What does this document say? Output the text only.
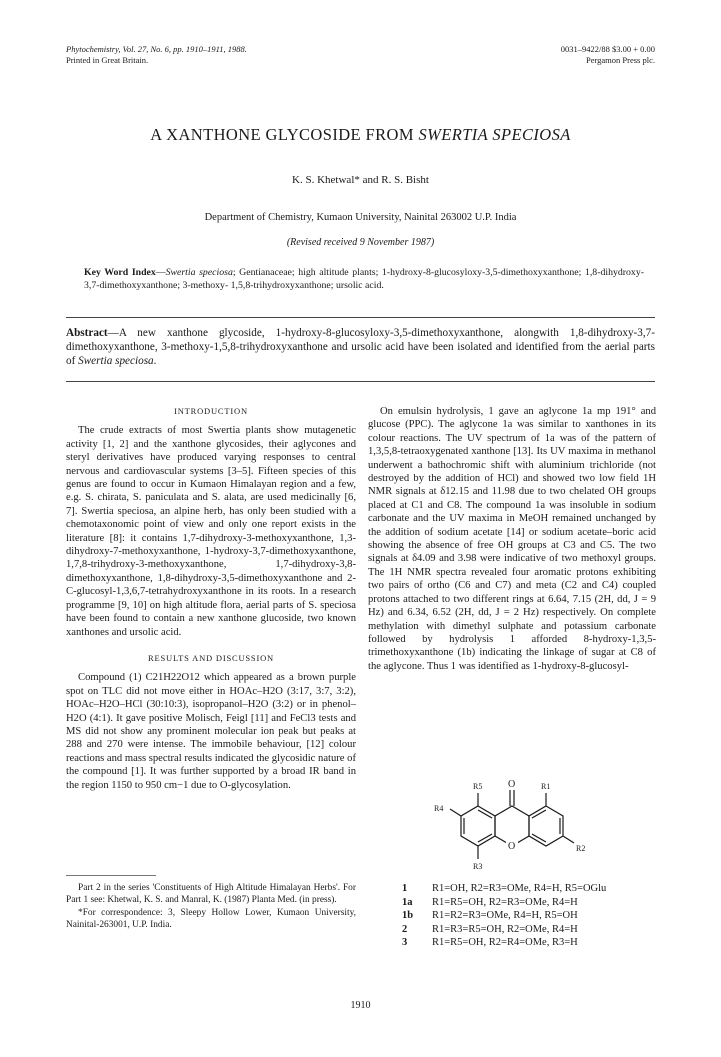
Phytochemistry, Vol. 27, No. 6, pp. 1910–1911, 1988.
Printed in Great Britain.
0031–9422/88 $3.00 + 0.00
Pergamon Press plc.
A XANTHONE GLYCOSIDE FROM SWERTIA SPECIOSA
K. S. Khetwal* and R. S. Bisht
Department of Chemistry, Kumaon University, Nainital 263002 U.P. India
(Revised received 9 November 1987)
Key Word Index—Swertia speciosa; Gentianaceae; high altitude plants; 1-hydroxy-8-glucosyloxy-3,5-dimethoxyxanthone; 1,8-dihydroxy-3,7-dimethoxyxanthone; 3-methoxy- 1,5,8-trihydroxyxanthone; ursolic acid.
Abstract—A new xanthone glycoside, 1-hydroxy-8-glucosyloxy-3,5-dimethoxyxanthone, alongwith 1,8-dihydroxy-3,7-dimethoxyxanthone, 3-methoxy-1,5,8-trihydroxyxanthone and ursolic acid have been isolated and identified from the aerial parts of Swertia speciosa.
INTRODUCTION

The crude extracts of most Swertia plants show mutagenetic activity [1, 2] and the xanthone glycosides, their aglycones and steryl derivatives have produced varying responses to central nervous and cardiovascular systems [3–5]. Fifteen species of this genus are found to occur in Kumaon Himalayan region and a few, e.g. S. chirata, S. paniculata and S. alata, are used medicinally [6, 7]. Swertia speciosa, an alpine herb, has only been studied with a chemotaxonomic point of view and only one report exists in the literature [8]: it contains 1,7-dihydroxy-3-methoxyxanthone, 1,3-dihydroxy-7-methoxyxanthone, 1-hydroxy-3,7-dimethoxyxanthone, 1,7,8-trihydroxy-3-methoxyxanthone, 1,7-dihydroxy-3,8-dimethoxyxanthone, 1,8-dihydroxy-3,5-dimethoxyxanthone and 2-C-glucosyl-1,3,6,7-tetrahydroxyxanthone in its roots. In a research programme [9, 10] on high altitude flora, aerial parts of S. speciosa have been found to contain a new xanthone glucoside, two known xanthones and ursolic acid.

RESULTS AND DISCUSSION

Compound (1) C21H22O12 which appeared as a brown purple spot on TLC did not move either in HOAc–H2O (3:17, 3:7, 3:2), HOAc–H2O–HCl (30:10:3), isopropanol–H2O (3:2) or in phenol–H2O (4:1). It gave positive Molisch, Feigl [11] and FeCl3 tests and MS did not show any prominent molecular ion peak but peaks at 288 and 270 were intense. The immobile behaviour, [12] colour reactions and mass spectral results indicated the glycosidic nature of the compound [1]. It was further supported by a broad IR band in the region 1150 to 950 cm−1 due to O-glycosylation.

Part 2 in the series 'Constituents of High Altitude Himalayan Herbs'. For Part 1 see: Khetwal, K. S. and Manral, K. (1987) Planta Med. (in press).

*For correspondence: 3, Sleepy Hollow Lower, Kumaon University, Nainital-263001, U.P. India.

On emulsin hydrolysis, 1 gave an aglycone 1a mp 191° and glucose (PPC). The aglycone 1a was similar to xanthones in its colour reactions. The UV spectrum of 1a was of the pattern of 1,3,5,8-tetraoxygenated xanthone [13]. Its UV maxima in methanol underwent a bathochromic shift with aluminium trichloride (not destroyed by the addition of HCl) and showed two low field 1H NMR signals at δ12.15 and 11.98 due to two chelated OH groups placed at C1 and C8. The compound 1a was insoluble in sodium carbonate and the UV maxima in MeOH remained unchanged by the addition of sodium acetate [14] or sodium acetate–boric acid showing the absence of free OH groups at C3 and C5. The two signals at δ4.09 and 3.98 were indicative of two methoxyl groups. The 1H NMR spectra revealed four aromatic protons exhibiting two pairs of ortho (C6 and C7) and meta (C2 and C4) coupled protons attached to two different rings at 6.64, 7.15 (2H, dd, J = 9 Hz) and 6.34, 6.52 (2H, dd, J = 2 Hz) respectively. On complete methylation with dimethyl sulphate and potassium carbonate followed by hydrolysis 1 afforded 8-hydroxy-1,3,5-trimethoxyxanthone (1b) indicating the linkage of sugar at C8 of the aglycone. Thus 1 was identified as 1-hydroxy-8-glucosyl-

O
O
R5
R4
R3
R1
R2
1	R1=OH, R2=R3=OMe, R4=H, R5=OGlu
1a	R1=R5=OH, R2=R3=OMe, R4=H
1b	R1=R2=R3=OMe, R4=H, R5=OH
2	R1=R3=R5=OH, R2=OMe, R4=H
3	R1=R5=OH, R2=R4=OMe, R3=H
1910
